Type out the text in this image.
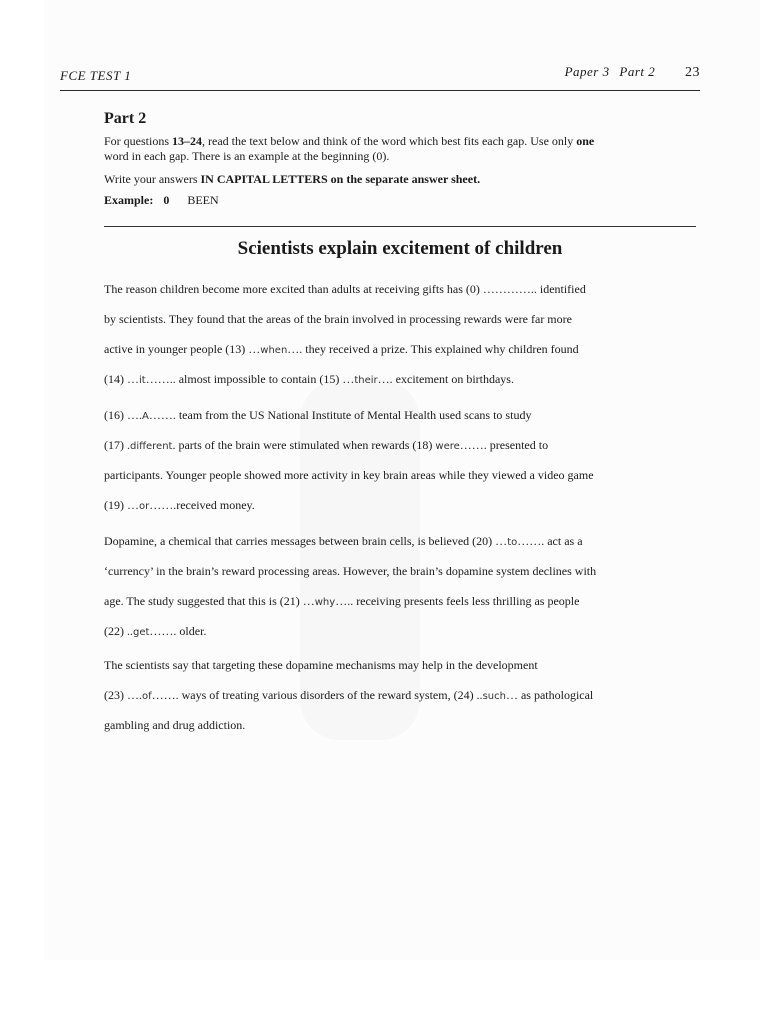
FCE TEST 1	Paper 3 Part 2 23
Part 2
For questions 13–24, read the text below and think of the word which best fits each gap. Use only one
word in each gap. There is an example at the beginning (0).
Write your answers IN CAPITAL LETTERS on the separate answer sheet.
Example: 0 BEEN
Scientists explain excitement of children
The reason children become more excited than adults at receiving gifts has (0) ………….. identified
by scientists. They found that the areas of the brain involved in processing rewards were far more
active in younger people (13) …when…. they received a prize. This explained why children found
(14) …it…….. almost impossible to contain (15) …their…. excitement on birthdays.
(16) ….A……. team from the US National Institute of Mental Health used scans to study
(17) .different. parts of the brain were stimulated when rewards (18) were……. presented to
participants. Younger people showed more activity in key brain areas while they viewed a video game
(19) …or…….received money.
Dopamine, a chemical that carries messages between brain cells, is believed (20) …to……. act as a
‘currency’ in the brain’s reward processing areas. However, the brain’s dopamine system declines with
age. The study suggested that this is (21) …why….. receiving presents feels less thrilling as people
(22) ..get……. older.
The scientists say that targeting these dopamine mechanisms may help in the development
(23) ….of……. ways of treating various disorders of the reward system, (24) ..such… as pathological
gambling and drug addiction.
